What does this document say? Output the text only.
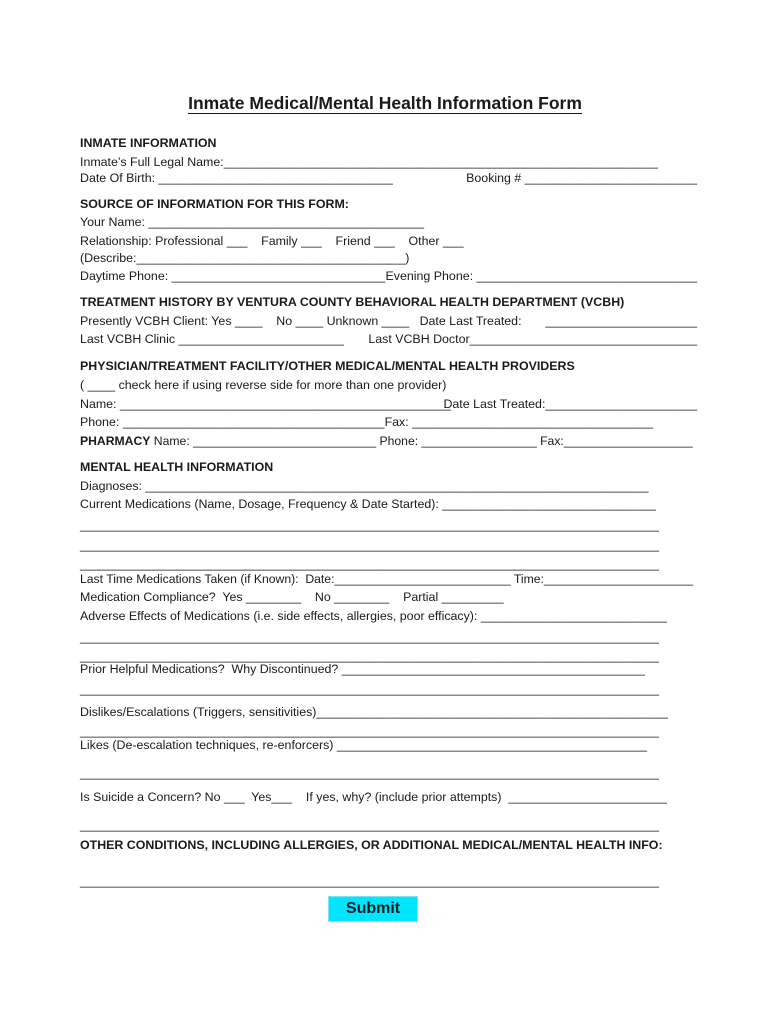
Inmate Medical/Mental Health Information Form
INMATE INFORMATION
Inmate’s Full Legal Name:_______________________________________________________________
Date Of Birth: __________________________________	Booking # _________________________
SOURCE OF INFORMATION FOR THIS FORM:
Your Name: ________________________________________
Relationship: Professional ___    Family ___    Friend ___    Other ___
(Describe:_______________________________________)
Daytime Phone: _______________________________ Evening Phone: ________________________________
TREATMENT HISTORY BY VENTURA COUNTY BEHAVIORAL HEALTH DEPARTMENT (VCBH)
Presently VCBH Client: Yes ____    No ____ Unknown ____   Date Last Treated: ______________________
Last VCBH Clinic ________________________ Last VCBH Doctor_________________________________
PHYSICIAN/TREATMENT FACILITY/OTHER MEDICAL/MENTAL HEALTH PROVIDERS
( ____ check here if using reverse side for more than one provider)
Name: ________________________________________________
Date Last Treated:______________________
Phone: ______________________________________Fax: ___________________________________
PHARMACY Name: ___________________________ Phone: _________________ Fax:___________________
MENTAL HEALTH INFORMATION
Diagnoses: _________________________________________________________________________
Current Medications (Name, Dosage, Frequency & Date Started): _______________________________
____________________________________________________________________________________
____________________________________________________________________________________
____________________________________________________________________________________
Last Time Medications Taken (if Known):  Date:__________________________ Time:______________________
Medication Compliance?  Yes ________    No ________    Partial _________
Adverse Effects of Medications (i.e. side effects, allergies, poor efficacy): ___________________________
____________________________________________________________________________________
____________________________________________________________________________________
Prior Helpful Medications?  Why Discontinued? ____________________________________________
____________________________________________________________________________________
Dislikes/Escalations (Triggers, sensitivities)___________________________________________________
____________________________________________________________________________________
Likes (De-escalation techniques, re-enforcers) _____________________________________________
____________________________________________________________________________________
Is Suicide a Concern? No ___  Yes___    If yes, why? (include prior attempts)  _______________________
____________________________________________________________________________________
OTHER CONDITIONS, INCLUDING ALLERGIES, OR ADDITIONAL MEDICAL/MENTAL HEALTH INFO:
____________________________________________________________________________________
Submit
